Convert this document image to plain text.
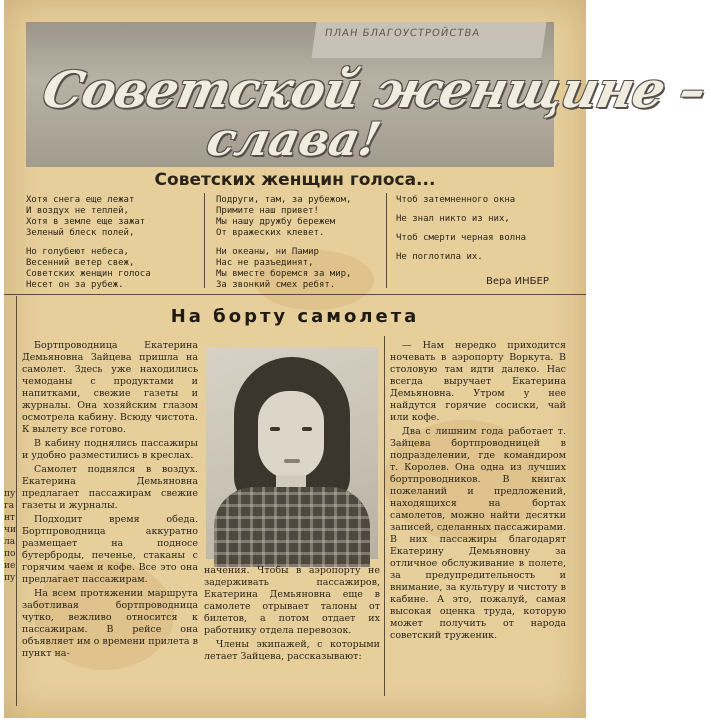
ПЛАН БЛАГОУСТРОЙСТВА
Советской женщине –
слава!
Советских женщин голоса...

Хотя снега еще лежат

И воздух не теплей,

Хотя в земле еще зажат

Зеленый блеск полей,

Но голубеют небеса,

Весенний ветер свеж,

Советских женщин голоса

Несет он за рубеж.

Подруги, там, за рубежом,

Примите наш привет!

Мы нашу дружбу бережем

От вражеских клевет.

Ни океаны, ни Памир

Нас не разъединят,

Мы вместе боремся за мир,

За звонкий смех ребят.

Чтоб затемненного окна

Не знал никто из них,

Чтоб смерти черная волна

Не поглотила их.

Вера ИНБЕР
На борту самолета

пу

га

нт

чи

ла

по

ие

пу

Бортпроводница Екатерина Демьяновна Зайцева пришла на самолет. Здесь уже находились чемоданы с продуктами и напитками, свежие газеты и журналы. Она хозяйским глазом осмотрела кабину. Всюду чистота. К вылету все готово.

В кабину поднялись пассажиры и удобно разместились в креслах.

Самолет поднялся в воздух. Екатерина Демьяновна предлагает пассажирам свежие газеты и журналы.

Подходит время обеда. Бортпроводница аккуратно размещает на подносе бутерброды, печенье, стаканы с горячим чаем и кофе. Все это она предлагает пассажирам.

На всем протяжении маршрута заботливая бортпроводница чутко, вежливо относится к пассажирам. В рейсе она объявляет им о времени прилета в пункт на-

начения. Чтобы в аэропорту не задерживать пассажиров, Екатерина Демьяновна еще в самолете отрывает талоны от билетов, а потом отдает их работнику отдела перевозок.

Члены экипажей, с которыми летает Зайцева, рассказывают:

— Нам нередко приходится ночевать в аэропорту Воркута. В столовую там идти далеко. Нас всегда выручает Екатерина Демьяновна. Утром у нее найдутся горячие сосиски, чай или кофе.

Два с лишним года работает т. Зайцева бортпроводницей в подразделении, где командиром т. Королев. Она одна из лучших бортпроводников. В книгах пожеланий и предложений, находящихся на бортах самолетов, можно найти десятки записей, сделанных пассажирами. В них пассажиры благодарят Екатерину Демьяновну за отличное обслуживание в полете, за предупредительность и внимание, за культуру и чистоту в кабине. А это, пожалуй, самая высокая оценка труда, которую может получить от народа советский труженик.
